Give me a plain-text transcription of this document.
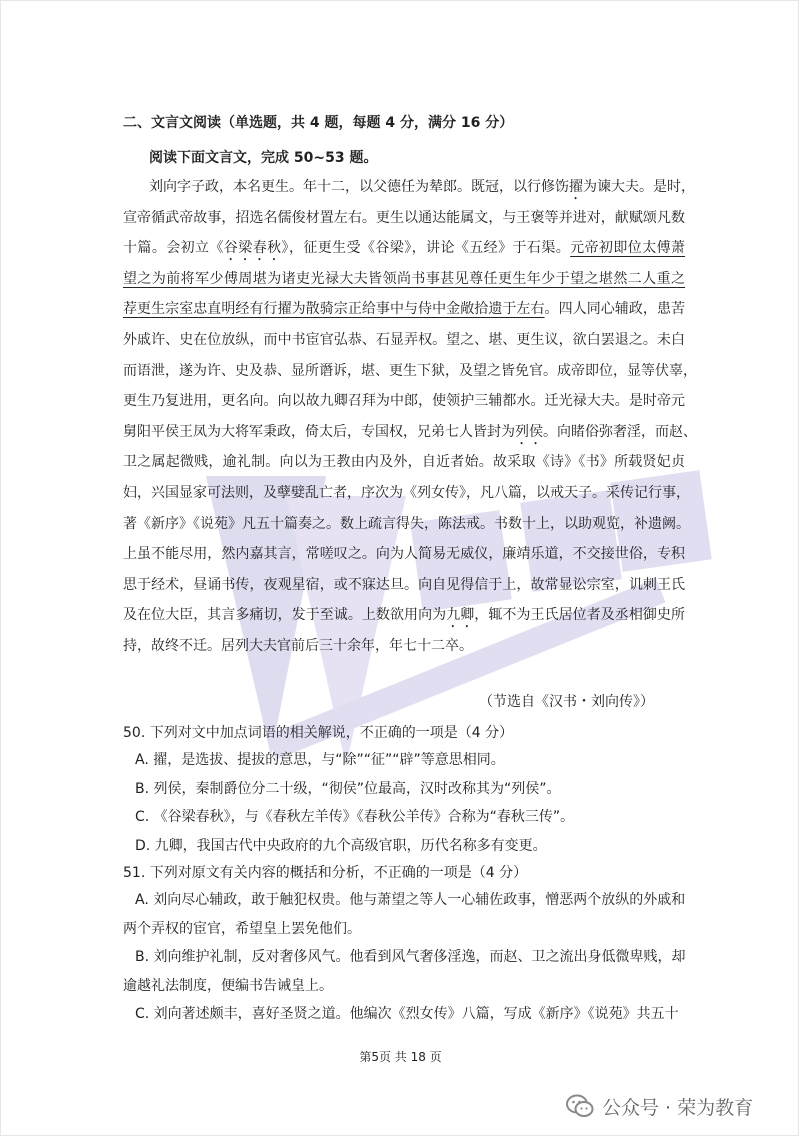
二、文言文阅读（单选题，共 4 题，每题 4 分，满分 16 分）
阅读下面文言文，完成 50~53 题。
刘向字子政，本名更生。年十二，以父德任为辇郎。既冠，以行修饬擢为谏大夫。是时，
宣帝循武帝故事，招选名儒俊材置左右。更生以通达能属文，与王褒等并进对，献赋颂凡数
十篇。会初立《谷梁春秋》，征更生受《谷梁》，讲论《五经》于石渠。元帝初即位太傅萧
望之为前将军少傅周堪为诸吏光禄大夫皆领尚书事甚见尊任更生年少于望之堪然二人重之
荐更生宗室忠直明经有行擢为散骑宗正给事中与侍中金敞拾遗于左右。四人同心辅政，患苦
外戚许、史在位放纵，而中书宦官弘恭、石显弄权。望之、堪、更生议，欲白罢退之。未白
而语泄，遂为许、史及恭、显所谮诉，堪、更生下狱，及望之皆免官。成帝即位，显等伏辜，
更生乃复进用，更名向。向以故九卿召拜为中郎，使领护三辅都水。迁光禄大夫。是时帝元
舅阳平侯王凤为大将军秉政，倚太后，专国权，兄弟七人皆封为列侯。向睹俗弥奢淫，而赵、
卫之属起微贱，逾礼制。向以为王教由内及外，自近者始。故采取《诗》《书》所载贤妃贞
妇，兴国显家可法则，及孽嬖乱亡者，序次为《列女传》，凡八篇，以戒天子。采传记行事，
著《新序》《说苑》凡五十篇奏之。数上疏言得失，陈法戒。书数十上，以助观览，补遗阙。
上虽不能尽用，然内嘉其言，常嗟叹之。向为人简易无威仪，廉靖乐道，不交接世俗，专积
思于经术，昼诵书传，夜观星宿，或不寐达旦。向自见得信于上，故常显讼宗室，讥刺王氏
及在位大臣，其言多痛切，发于至诚。上数欲用向为九卿，辄不为王氏居位者及丞相御史所
持，故终不迁。居列大夫官前后三十余年，年七十二卒。
（节选自《汉书・刘向传》）
50. 下列对文中加点词语的相关解说，不正确的一项是（4 分）
A. 擢，是选拔、提拔的意思，与“除”“征”“辟”等意思相同。
B. 列侯，秦制爵位分二十级，“彻侯”位最高，汉时改称其为“列侯”。
C. 《谷梁春秋》，与《春秋左羊传》《春秋公羊传》合称为“春秋三传”。
D. 九卿，我国古代中央政府的九个高级官职，历代名称多有变更。
51. 下列对原文有关内容的概括和分析，不正确的一项是（4 分）
A. 刘向尽心辅政，敢于触犯权贵。他与萧望之等人一心辅佐政事，憎恶两个放纵的外戚和
两个弄权的宦官，希望皇上罢免他们。
B. 刘向维护礼制，反对奢侈风气。他看到风气奢侈淫逸，而赵、卫之流出身低微卑贱，却
逾越礼法制度，便编书告诫皇上。
C. 刘向著述颇丰，喜好圣贤之道。他编次《烈女传》八篇，写成《新序》《说苑》共五十
第5页 共 18 页
公众号 · 荣为教育
